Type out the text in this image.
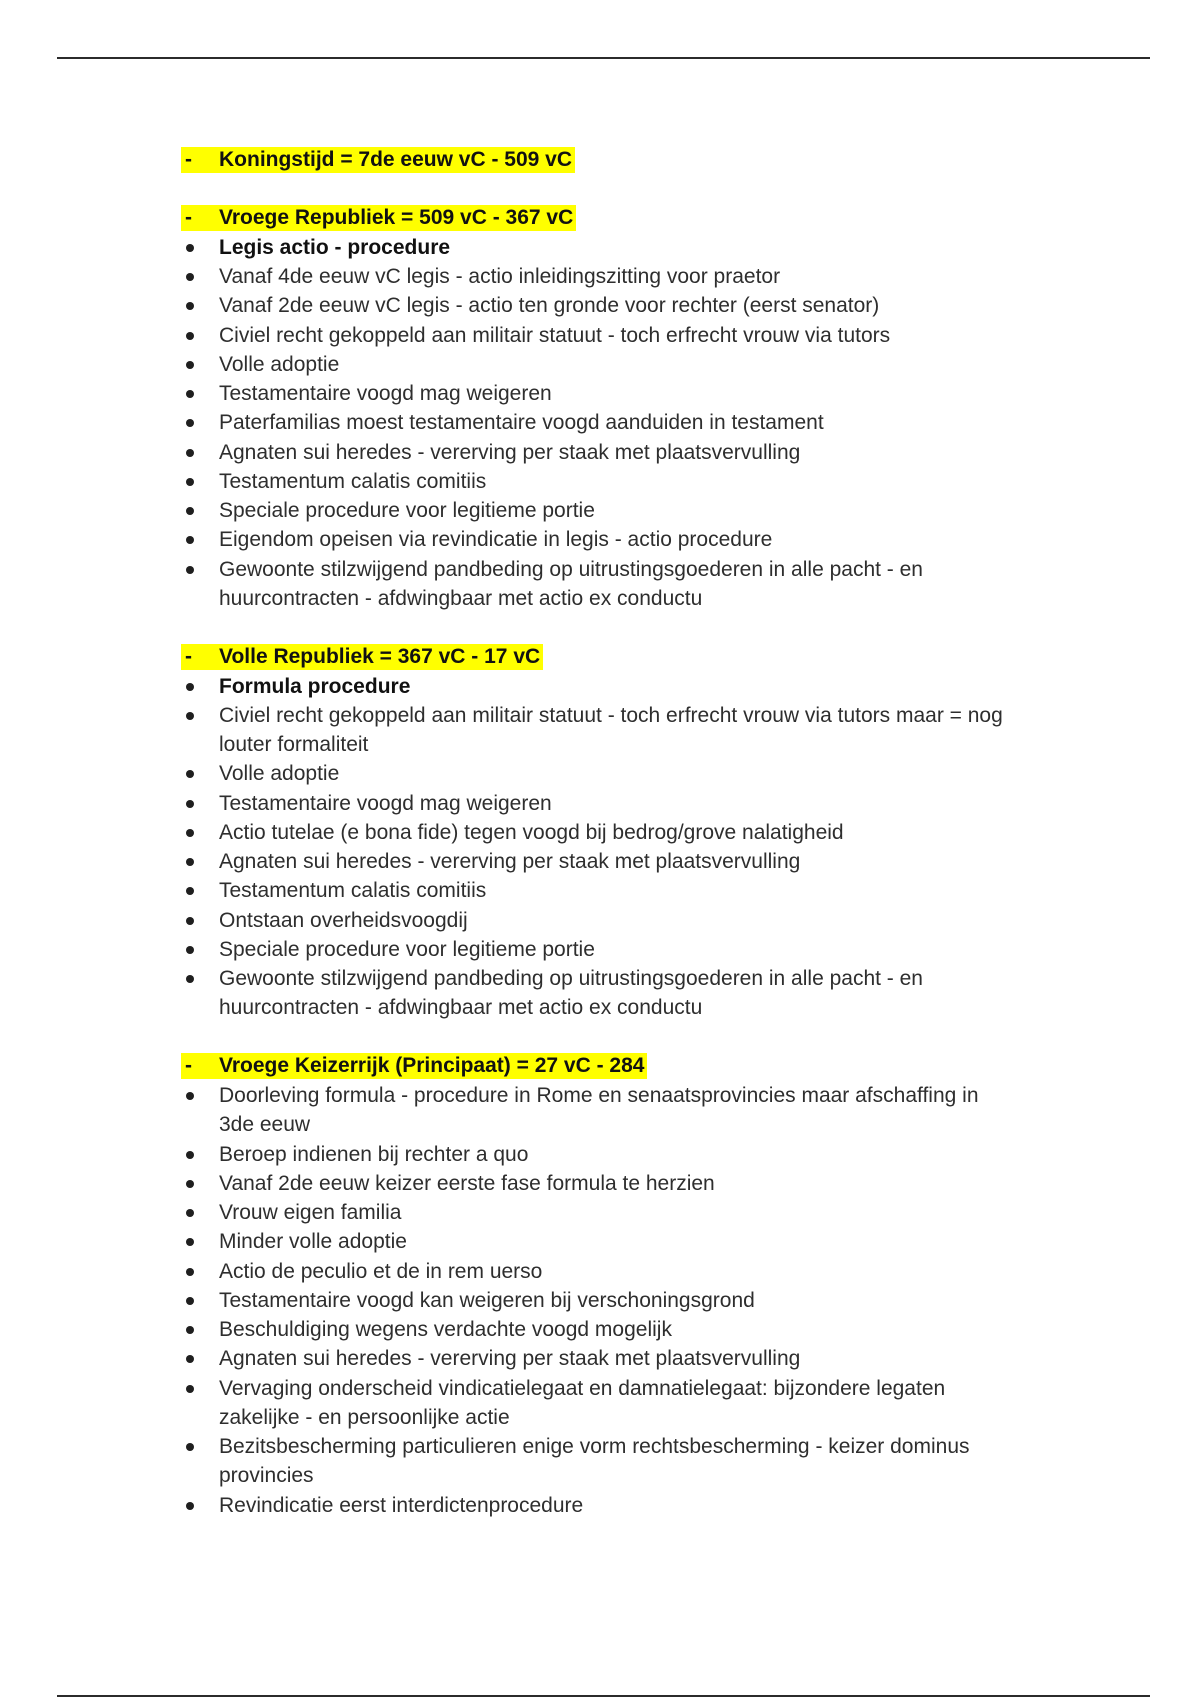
- Koningstijd = 7de eeuw vC - 509 vC
- Vroege Republiek = 509 vC - 367 vC
Legis actio - procedure
Vanaf 4de eeuw vC legis - actio inleidingszitting voor praetor
Vanaf 2de eeuw vC legis - actio ten gronde voor rechter (eerst senator)
Civiel recht gekoppeld aan militair statuut - toch erfrecht vrouw via tutors
Volle adoptie
Testamentaire voogd mag weigeren
Paterfamilias moest testamentaire voogd aanduiden in testament
Agnaten sui heredes - vererving per staak met plaatsvervulling
Testamentum calatis comitiis
Speciale procedure voor legitieme portie
Eigendom opeisen via revindicatie in legis - actio procedure
Gewoonte stilzwijgend pandbeding op uitrustingsgoederen in alle pacht - en
huurcontracten - afdwingbaar met actio ex conductu
- Volle Republiek = 367 vC - 17 vC
Formula procedure
Civiel recht gekoppeld aan militair statuut - toch erfrecht vrouw via tutors maar = nog
louter formaliteit
Volle adoptie
Testamentaire voogd mag weigeren
Actio tutelae (e bona fide) tegen voogd bij bedrog/grove nalatigheid
Agnaten sui heredes - vererving per staak met plaatsvervulling
Testamentum calatis comitiis
Ontstaan overheidsvoogdij
Speciale procedure voor legitieme portie
Gewoonte stilzwijgend pandbeding op uitrustingsgoederen in alle pacht - en
huurcontracten - afdwingbaar met actio ex conductu
- Vroege Keizerrijk (Principaat) = 27 vC - 284
Doorleving formula - procedure in Rome en senaatsprovincies maar afschaffing in
3de eeuw
Beroep indienen bij rechter a quo
Vanaf 2de eeuw keizer eerste fase formula te herzien
Vrouw eigen familia
Minder volle adoptie
Actio de peculio et de in rem uerso
Testamentaire voogd kan weigeren bij verschoningsgrond
Beschuldiging wegens verdachte voogd mogelijk
Agnaten sui heredes - vererving per staak met plaatsvervulling
Vervaging onderscheid vindicatielegaat en damnatielegaat: bijzondere legaten
zakelijke - en persoonlijke actie
Bezitsbescherming particulieren enige vorm rechtsbescherming - keizer dominus
provincies
Revindicatie eerst interdictenprocedure
